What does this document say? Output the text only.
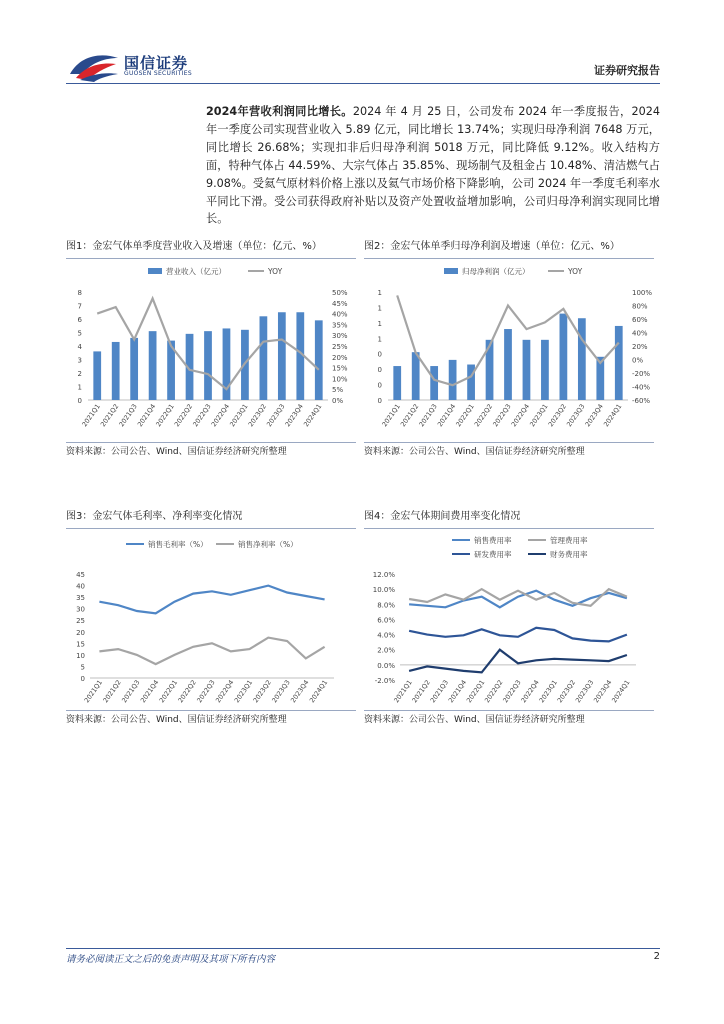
国信证券
GUOSEN SECURITIES	证券研究报告
2024年营收利润同比增长。2024 年 4 月 25 日，公司发布 2024 年一季度报告，2024 年一季度公司实现营业收入 5.89 亿元，同比增长 13.74%；实现归母净利润 7648 万元，同比增长 26.68%；实现扣非后归母净利润 5018 万元，同比降低 9.12%。收入结构方面，特种气体占 44.59%、大宗气体占 35.85%、现场制气及租金占 10.48%、清洁燃气占 9.08%。受氦气原材料价格上涨以及氦气市场价格下降影响，公司 2024 年一季度毛利率水平同比下滑。受公司获得政府补贴以及资产处置收益增加影响，公司归母净利润实现同比增长。
图1：金宏气体单季度营业收入及增速（单位：亿元、%）
营业收入（亿元）	YOY
0
1
2
3
4
5
6
7
8
0%
5%
10%
15%
20%
25%
30%
35%
40%
45%
50%
2021Q1
2021Q2
2021Q3
2021Q4
2022Q1
2022Q2
2022Q3
2022Q4
2023Q1
2023Q2
2023Q3
2023Q4
2024Q1
资料来源：公司公告、Wind、国信证券经济研究所整理
图2：金宏气体单季归母净利润及增速（单位：亿元、%）
归母净利润（亿元）	YOY
0
0
0
0
1
1
1
1
-60%
-40%
-20%
0%
20%
40%
60%
80%
100%
2021Q1
2021Q2
2021Q3
2021Q4
2022Q1
2022Q2
2022Q3
2022Q4
2023Q1
2023Q2
2023Q3
2023Q4
2024Q1
资料来源：公司公告、Wind、国信证券经济研究所整理
图3：金宏气体毛利率、净利率变化情况
0
5
10
15
20
25
30
35
40
45
销售毛利率（%）	销售净利率（%）
2021Q1
2021Q2
2021Q3
2021Q4
2022Q1
2022Q2
2022Q3
2022Q4
2023Q1
2023Q2
2023Q3
2023Q4
2024Q1
资料来源：公司公告、Wind、国信证券经济研究所整理
图4：金宏气体期间费用率变化情况
-2.0%
0.0%
2.0%
4.0%
6.0%
8.0%
10.0%
12.0%
销售费用率	管理费用率
研发费用率	财务费用率
2021Q1
2021Q2
2021Q3
2021Q4
2022Q1
2022Q2
2022Q3
2022Q4
2023Q1
2023Q2
2023Q3
2023Q4
2024Q1
资料来源：公司公告、Wind、国信证券经济研究所整理
请务必阅读正文之后的免责声明及其项下所有内容	2
